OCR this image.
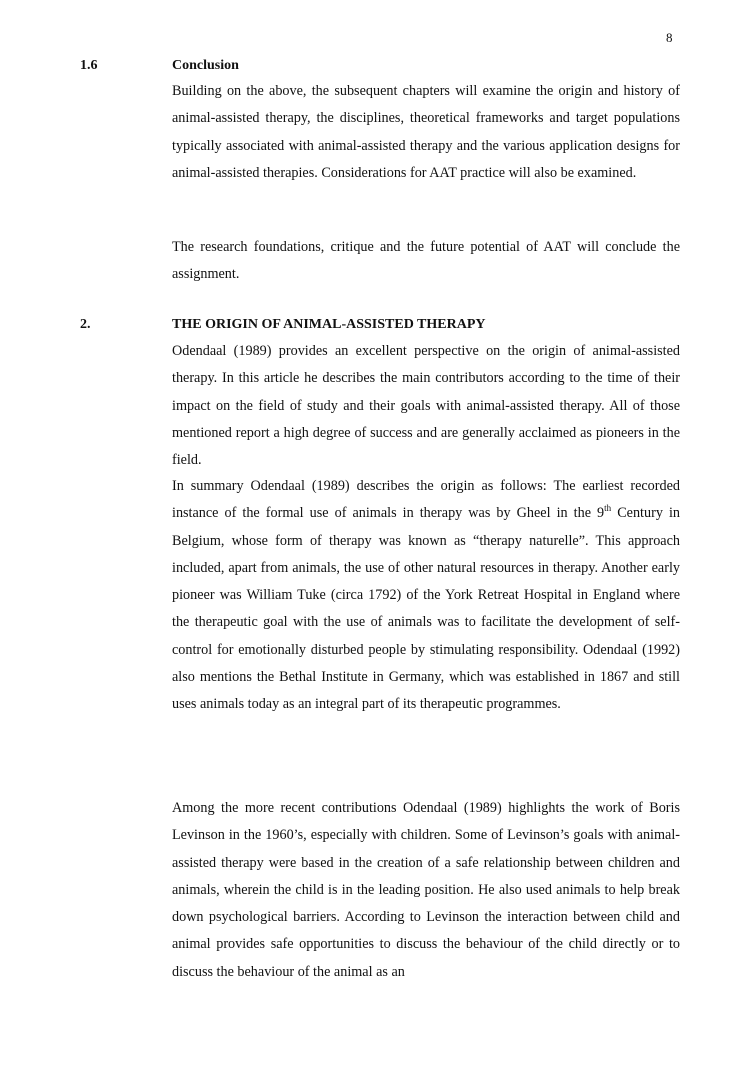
8
1.6	Conclusion

Building on the above, the subsequent chapters will examine the origin and history of animal-assisted therapy, the disciplines, theoretical frameworks and target populations typically associated with animal-assisted therapy and the various application designs for animal-assisted therapies. Considerations for AAT practice will also be examined.

The research foundations, critique and the future potential of AAT will conclude the assignment.

2.	THE ORIGIN OF ANIMAL-ASSISTED THERAPY

Odendaal (1989) provides an excellent perspective on the origin of animal-assisted therapy. In this article he describes the main contributors according to the time of their impact on the field of study and their goals with animal-assisted therapy. All of those mentioned report a high degree of success and are generally acclaimed as pioneers in the field.

In summary Odendaal (1989) describes the origin as follows: The earliest recorded instance of the formal use of animals in therapy was by Gheel in the 9th Century in Belgium, whose form of therapy was known as “therapy naturelle”. This approach included, apart from animals, the use of other natural resources in therapy. Another early pioneer was William Tuke (circa 1792) of the York Retreat Hospital in England where the therapeutic goal with the use of animals was to facilitate the development of self-control for emotionally disturbed people by stimulating responsibility. Odendaal (1992) also mentions the Bethal Institute in Germany, which was established in 1867 and still uses animals today as an integral part of its therapeutic programmes.

Among the more recent contributions Odendaal (1989) highlights the work of Boris Levinson in the 1960’s, especially with children. Some of Levinson’s goals with animal-assisted therapy were based in the creation of a safe relationship between children and animals, wherein the child is in the leading position. He also used animals to help break down psychological barriers. According to Levinson the interaction between child and animal provides safe opportunities to discuss the behaviour of the child directly or to discuss the behaviour of the animal as an
